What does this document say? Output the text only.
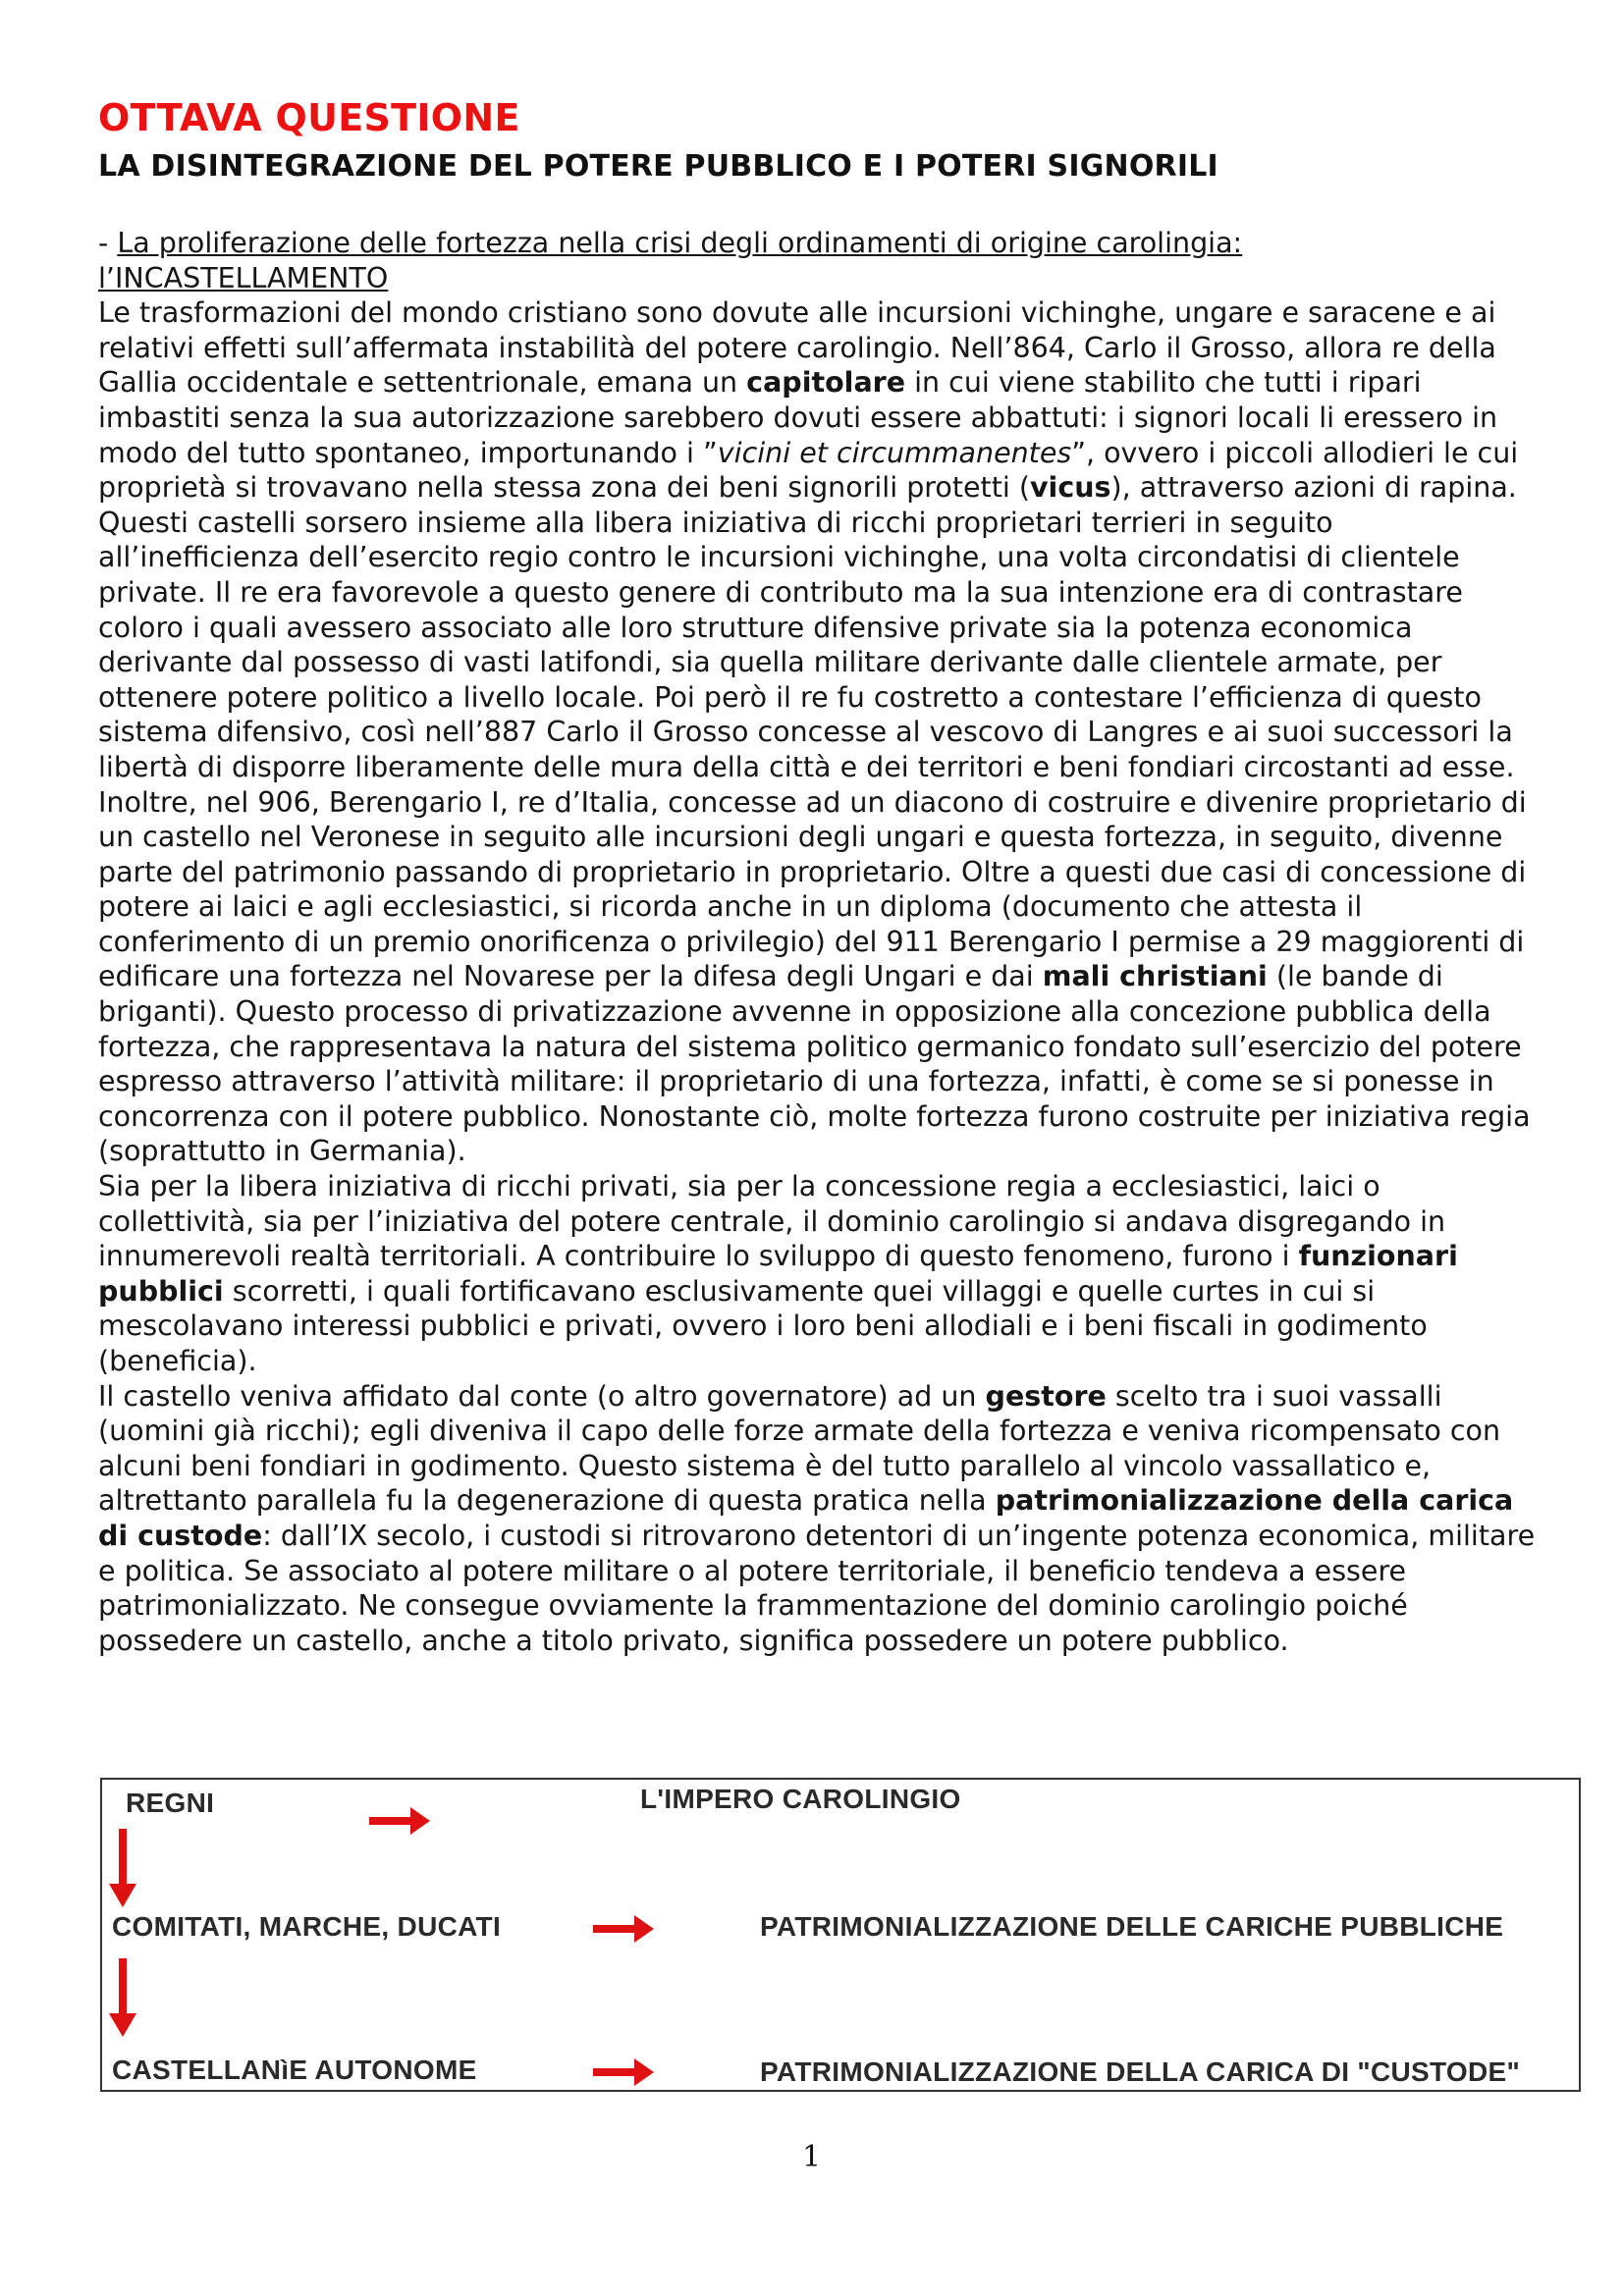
OTTAVA QUESTIONE
LA DISINTEGRAZIONE DEL POTERE PUBBLICO E I POTERI SIGNORILI

- La proliferazione delle fortezza nella crisi degli ordinamenti di origine carolingia:
l’INCASTELLAMENTO

Le trasformazioni del mondo cristiano sono dovute alle incursioni vichinghe, ungare e saracene e ai relativi effetti sull’affermata instabilità del potere carolingio. Nell’864, Carlo il Grosso, allora re della Gallia occidentale e settentrionale, emana un capitolare in cui viene stabilito che tutti i ripari imbastiti senza la sua autorizzazione sarebbero dovuti essere abbattuti: i signori locali li eressero in modo del tutto spontaneo, importunando i ”vicini et circummanentes”, ovvero i piccoli allodieri le cui proprietà si trovavano nella stessa zona dei beni signorili protetti (vicus), attraverso azioni di rapina. Questi castelli sorsero insieme alla libera iniziativa di ricchi proprietari terrieri in seguito all’inefficienza dell’esercito regio contro le incursioni vichinghe, una volta circondatisi di clientele private. Il re era favorevole a questo genere di contributo ma la sua intenzione era di contrastare coloro i quali avessero associato alle loro strutture difensive private sia la potenza economica derivante dal possesso di vasti latifondi, sia quella militare derivante dalle clientele armate, per ottenere potere politico a livello locale. Poi però il re fu costretto a contestare l’efficienza di questo sistema difensivo, così nell’887 Carlo il Grosso concesse al vescovo di Langres e ai suoi successori la libertà di disporre liberamente delle mura della città e dei territori e beni fondiari circostanti ad esse. Inoltre, nel 906, Berengario I, re d’Italia, concesse ad un diacono di costruire e divenire proprietario di un castello nel Veronese in seguito alle incursioni degli ungari e questa fortezza, in seguito, divenne parte del patrimonio passando di proprietario in proprietario. Oltre a questi due casi di concessione di potere ai laici e agli ecclesiastici, si ricorda anche in un diploma (documento che attesta il conferimento di un premio onorificenza o privilegio) del 911 Berengario I permise a 29 maggiorenti di edificare una fortezza nel Novarese per la difesa degli Ungari e dai mali christiani (le bande di briganti). Questo processo di privatizzazione avvenne in opposizione alla concezione pubblica della fortezza, che rappresentava la natura del sistema politico germanico fondato sull’esercizio del potere espresso attraverso l’attività militare: il proprietario di una fortezza, infatti, è come se si ponesse in concorrenza con il potere pubblico. Nonostante ciò, molte fortezza furono costruite per iniziativa regia (soprattutto in Germania).

Sia per la libera iniziativa di ricchi privati, sia per la concessione regia a ecclesiastici, laici o collettività, sia per l’iniziativa del potere centrale, il dominio carolingio si andava disgregando in innumerevoli realtà territoriali. A contribuire lo sviluppo di questo fenomeno, furono i funzionari pubblici scorretti, i quali fortificavano esclusivamente quei villaggi e quelle curtes in cui si mescolavano interessi pubblici e privati, ovvero i loro beni allodiali e i beni fiscali in godimento (beneficia).

Il castello veniva affidato dal conte (o altro governatore) ad un gestore scelto tra i suoi vassalli (uomini già ricchi); egli diveniva il capo delle forze armate della fortezza e veniva ricompensato con alcuni beni fondiari in godimento. Questo sistema è del tutto parallelo al vincolo vassallatico e, altrettanto parallela fu la degenerazione di questa pratica nella patrimonializzazione della carica di custode: dall’IX secolo, i custodi si ritrovarono detentori di un’ingente potenza economica, militare e politica. Se associato al potere militare o al potere territoriale, il beneficio tendeva a essere patrimonializzato. Ne consegue ovviamente la frammentazione del dominio carolingio poiché possedere un castello, anche a titolo privato, significa possedere un potere pubblico.

REGNI	L'IMPERO CAROLINGIO
COMITATI, MARCHE, DUCATI	PATRIMONIALIZZAZIONE DELLE CARICHE PUBBLICHE
CASTELLANìE AUTONOME	PATRIMONIALIZZAZIONE DELLA CARICA DI "CUSTODE"
1
